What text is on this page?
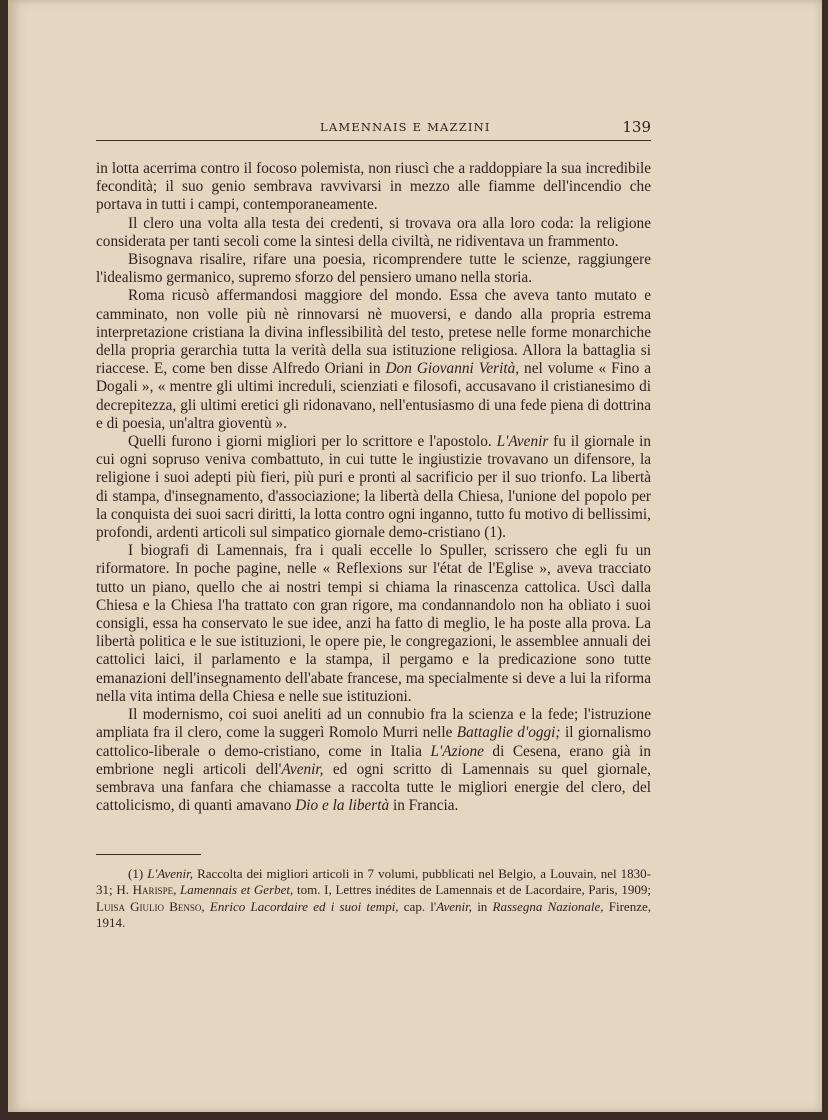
LAMENNAIS E MAZZINI	139

in lotta acerrima contro il focoso polemista, non riuscì che a raddoppiare la sua incredibile fecondità; il suo genio sembrava ravvivarsi in mezzo alle fiamme dell'incendio che portava in tutti i campi, contemporaneamente.

Il clero una volta alla testa dei credenti, si trovava ora alla loro coda: la religione considerata per tanti secoli come la sintesi della civiltà, ne ridiventava un frammento.

Bisognava risalire, rifare una poesia, ricomprendere tutte le scienze, raggiungere l'idealismo germanico, supremo sforzo del pensiero umano nella storia.

Roma ricusò affermandosi maggiore del mondo. Essa che aveva tanto mutato e camminato, non volle più nè rinnovarsi nè muoversi, e dando alla propria estrema interpretazione cristiana la divina inflessibilità del testo, pretese nelle forme monarchiche della propria gerarchia tutta la verità della sua istituzione religiosa. Allora la battaglia si riaccese. E, come ben disse Alfredo Oriani in Don Giovanni Verità, nel volume « Fino a Dogali », « mentre gli ultimi increduli, scienziati e filosofi, accusavano il cristianesimo di decrepitezza, gli ultimi eretici gli ridonavano, nell'entusiasmo di una fede piena di dottrina e di poesia, un'altra gioventù ».

Quelli furono i giorni migliori per lo scrittore e l'apostolo. L'Avenir fu il giornale in cui ogni sopruso veniva combattuto, in cui tutte le ingiustizie trovavano un difensore, la religione i suoi adepti più fieri, più puri e pronti al sacrificio per il suo trionfo. La libertà di stampa, d'insegnamento, d'associazione; la libertà della Chiesa, l'unione del popolo per la conquista dei suoi sacri diritti, la lotta contro ogni inganno, tutto fu motivo di bellissimi, profondi, ardenti articoli sul simpatico giornale demo-cristiano (1).

I biografi di Lamennais, fra i quali eccelle lo Spuller, scrissero che egli fu un riformatore. In poche pagine, nelle « Reflexions sur l'état de l'Eglise », aveva tracciato tutto un piano, quello che ai nostri tempi si chiama la rinascenza cattolica. Uscì dalla Chiesa e la Chiesa l'ha trattato con gran rigore, ma condannandolo non ha obliato i suoi consigli, essa ha conservato le sue idee, anzi ha fatto di meglio, le ha poste alla prova. La libertà politica e le sue istituzioni, le opere pie, le congregazioni, le assemblee annuali dei cattolici laici, il parlamento e la stampa, il pergamo e la predicazione sono tutte emanazioni dell'insegnamento dell'abate francese, ma specialmente si deve a lui la riforma nella vita intima della Chiesa e nelle sue istituzioni.

Il modernismo, coi suoi aneliti ad un connubio fra la scienza e la fede; l'istruzione ampliata fra il clero, come la suggerì Romolo Murri nelle Battaglie d'oggi; il giornalismo cattolico-liberale o demo-cristiano, come in Italia L'Azione di Cesena, erano già in embrione negli articoli dell'Avenir, ed ogni scritto di Lamennais su quel giornale, sembrava una fanfara che chiamasse a raccolta tutte le migliori energie del clero, del cattolicismo, di quanti amavano Dio e la libertà in Francia.

(1) L'Avenir, Raccolta dei migliori articoli in 7 volumi, pubblicati nel Belgio, a Louvain, nel 1830-31; H. Harispe, Lamennais et Gerbet, tom. I, Lettres inédites de Lamennais et de Lacordaire, Paris, 1909; Luisa Giulio Benso, Enrico Lacordaire ed i suoi tempi, cap. l'Avenir, in Rassegna Nazionale, Firenze, 1914.
